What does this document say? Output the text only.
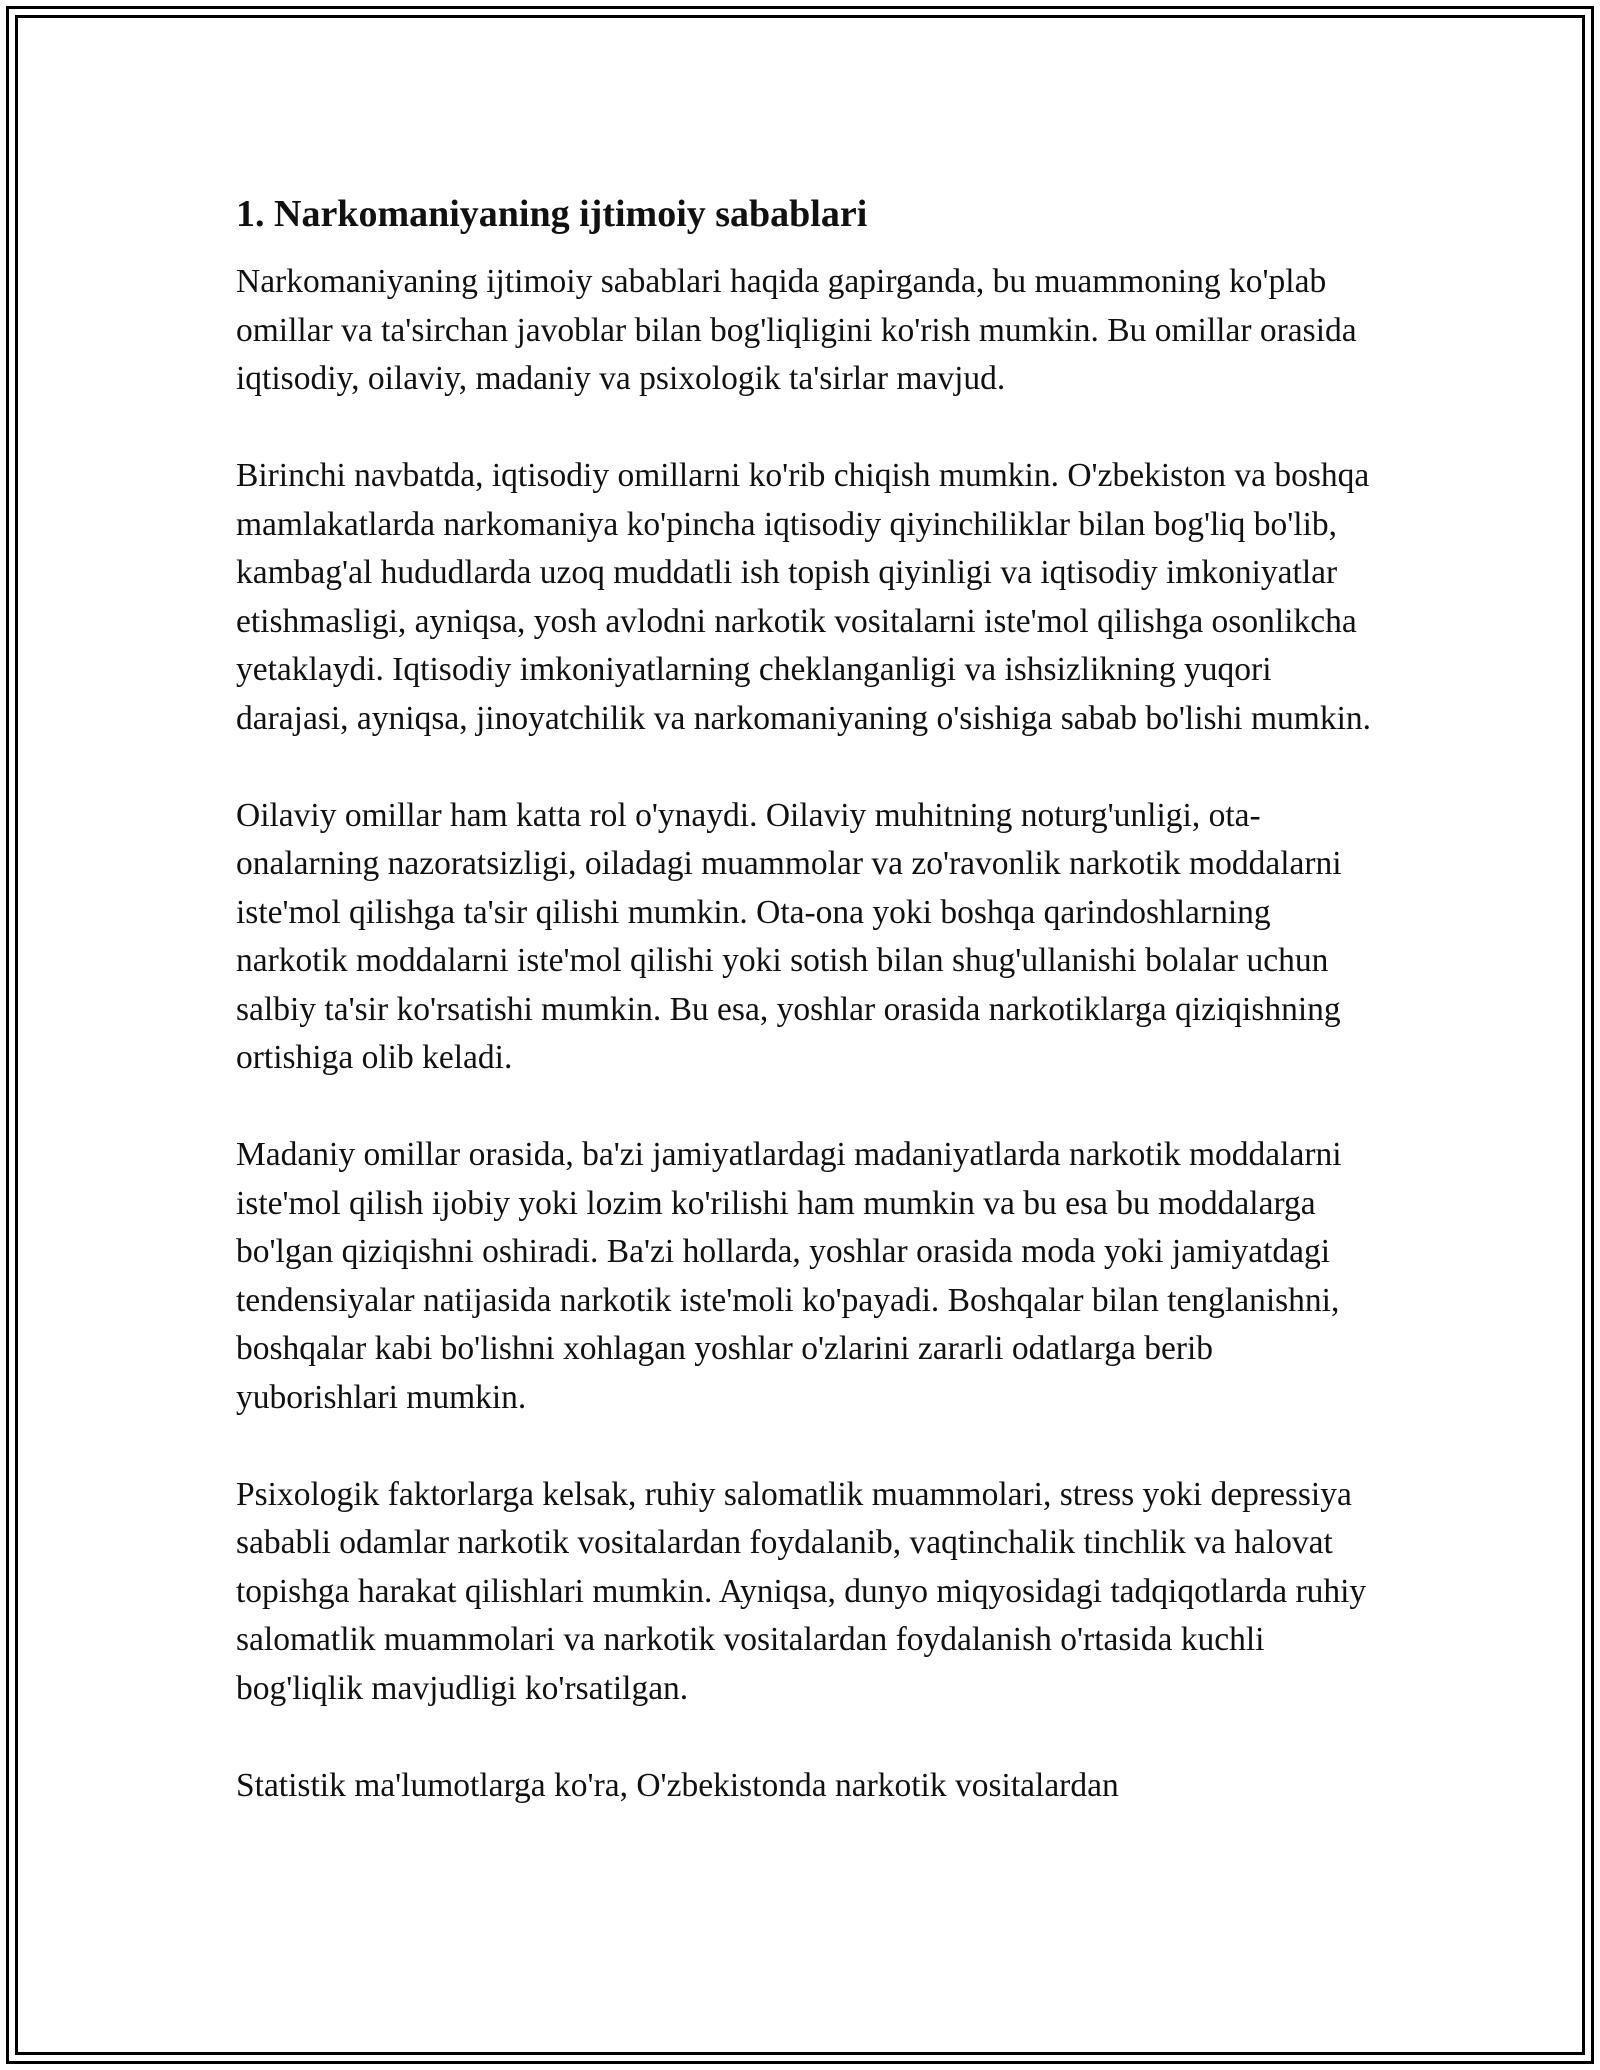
1. Narkomaniyaning ijtimoiy sabablari

Narkomaniyaning ijtimoiy sabablari haqida gapirganda, bu muammoning ko'plab omillar va ta'sirchan javoblar bilan bog'liqligini ko'rish mumkin. Bu omillar orasida iqtisodiy, oilaviy, madaniy va psixologik ta'sirlar mavjud.

Birinchi navbatda, iqtisodiy omillarni ko'rib chiqish mumkin. O'zbekiston va boshqa mamlakatlarda narkomaniya ko'pincha iqtisodiy qiyinchiliklar bilan bog'liq bo'lib, kambag'al hududlarda uzoq muddatli ish topish qiyinligi va iqtisodiy imkoniyatlar etishmasligi, ayniqsa, yosh avlodni narkotik vositalarni iste'mol qilishga osonlikcha yetaklaydi. Iqtisodiy imkoniyatlarning cheklanganligi va ishsizlikning yuqori darajasi, ayniqsa, jinoyatchilik va narkomaniyaning o'sishiga sabab bo'lishi mumkin.

Oilaviy omillar ham katta rol o'ynaydi. Oilaviy muhitning noturg'unligi, ota-onalarning nazoratsizligi, oiladagi muammolar va zo'ravonlik narkotik moddalarni iste'mol qilishga ta'sir qilishi mumkin. Ota-ona yoki boshqa qarindoshlarning narkotik moddalarni iste'mol qilishi yoki sotish bilan shug'ullanishi bolalar uchun salbiy ta'sir ko'rsatishi mumkin. Bu esa, yoshlar orasida narkotiklarga qiziqishning ortishiga olib keladi.

Madaniy omillar orasida, ba'zi jamiyatlardagi madaniyatlarda narkotik moddalarni iste'mol qilish ijobiy yoki lozim ko'rilishi ham mumkin va bu esa bu moddalarga bo'lgan qiziqishni oshiradi. Ba'zi hollarda, yoshlar orasida moda yoki jamiyatdagi tendensiyalar natijasida narkotik iste'moli ko'payadi. Boshqalar bilan tenglanishni, boshqalar kabi bo'lishni xohlagan yoshlar o'zlarini zararli odatlarga berib yuborishlari mumkin.

Psixologik faktorlarga kelsak, ruhiy salomatlik muammolari, stress yoki depressiya sababli odamlar narkotik vositalardan foydalanib, vaqtinchalik tinchlik va halovat topishga harakat qilishlari mumkin. Ayniqsa, dunyo miqyosidagi tadqiqotlarda ruhiy salomatlik muammolari va narkotik vositalardan foydalanish o'rtasida kuchli bog'liqlik mavjudligi ko'rsatilgan.

Statistik ma'lumotlarga ko'ra, O'zbekistonda narkotik vositalardan
